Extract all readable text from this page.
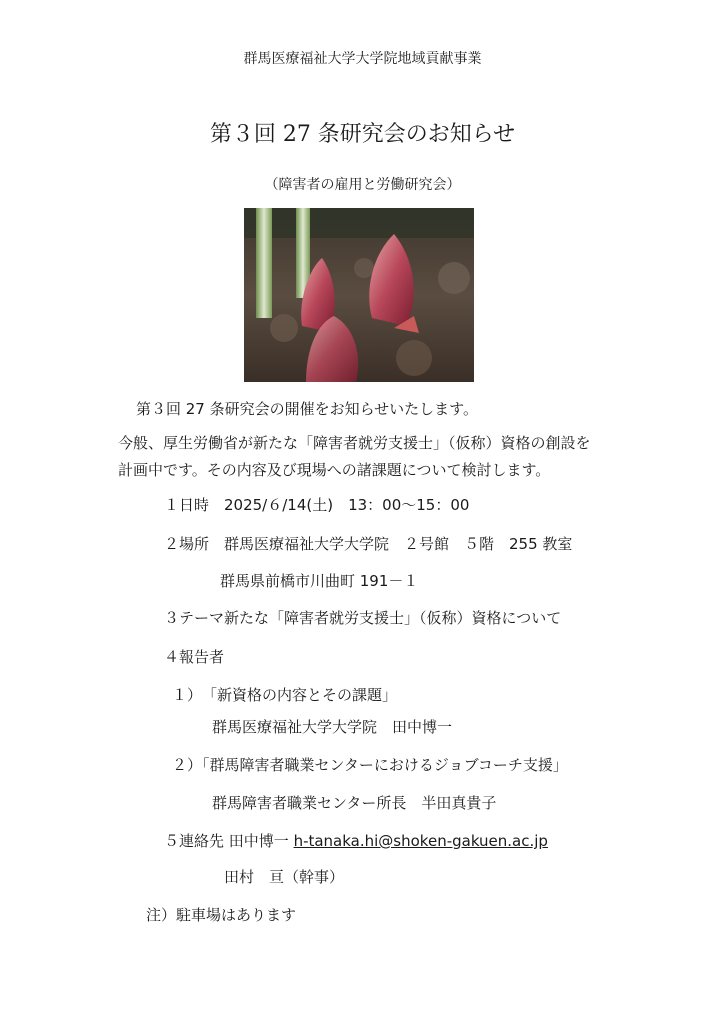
群馬医療福祉大学大学院地域貢献事業
第３回 27 条研究会のお知らせ
（障害者の雇用と労働研究会）
第３回 27 条研究会の開催をお知らせいたします。
今般、厚生労働省が新たな「障害者就労支援士」（仮称）資格の創設を
計画中です。その内容及び現場への諸課題について検討します。
１日時　2025/６/14(土)　13：00～15：00
２場所　群馬医療福祉大学大学院　２号館　５階　255 教室
群馬県前橋市川曲町 191－１
３テーマ新たな「障害者就労支援士」（仮称）資格について
４報告者
１）　「新資格の内容とその課題」
群馬医療福祉大学大学院　田中博一
２）「群馬障害者職業センターにおけるジョブコーチ支援」
群馬障害者職業センター所長　半田真貴子
５連絡先 田中博一 h-tanaka.hi@shoken-gakuen.ac.jp
田村　亘（幹事）
注）駐車場はあります
